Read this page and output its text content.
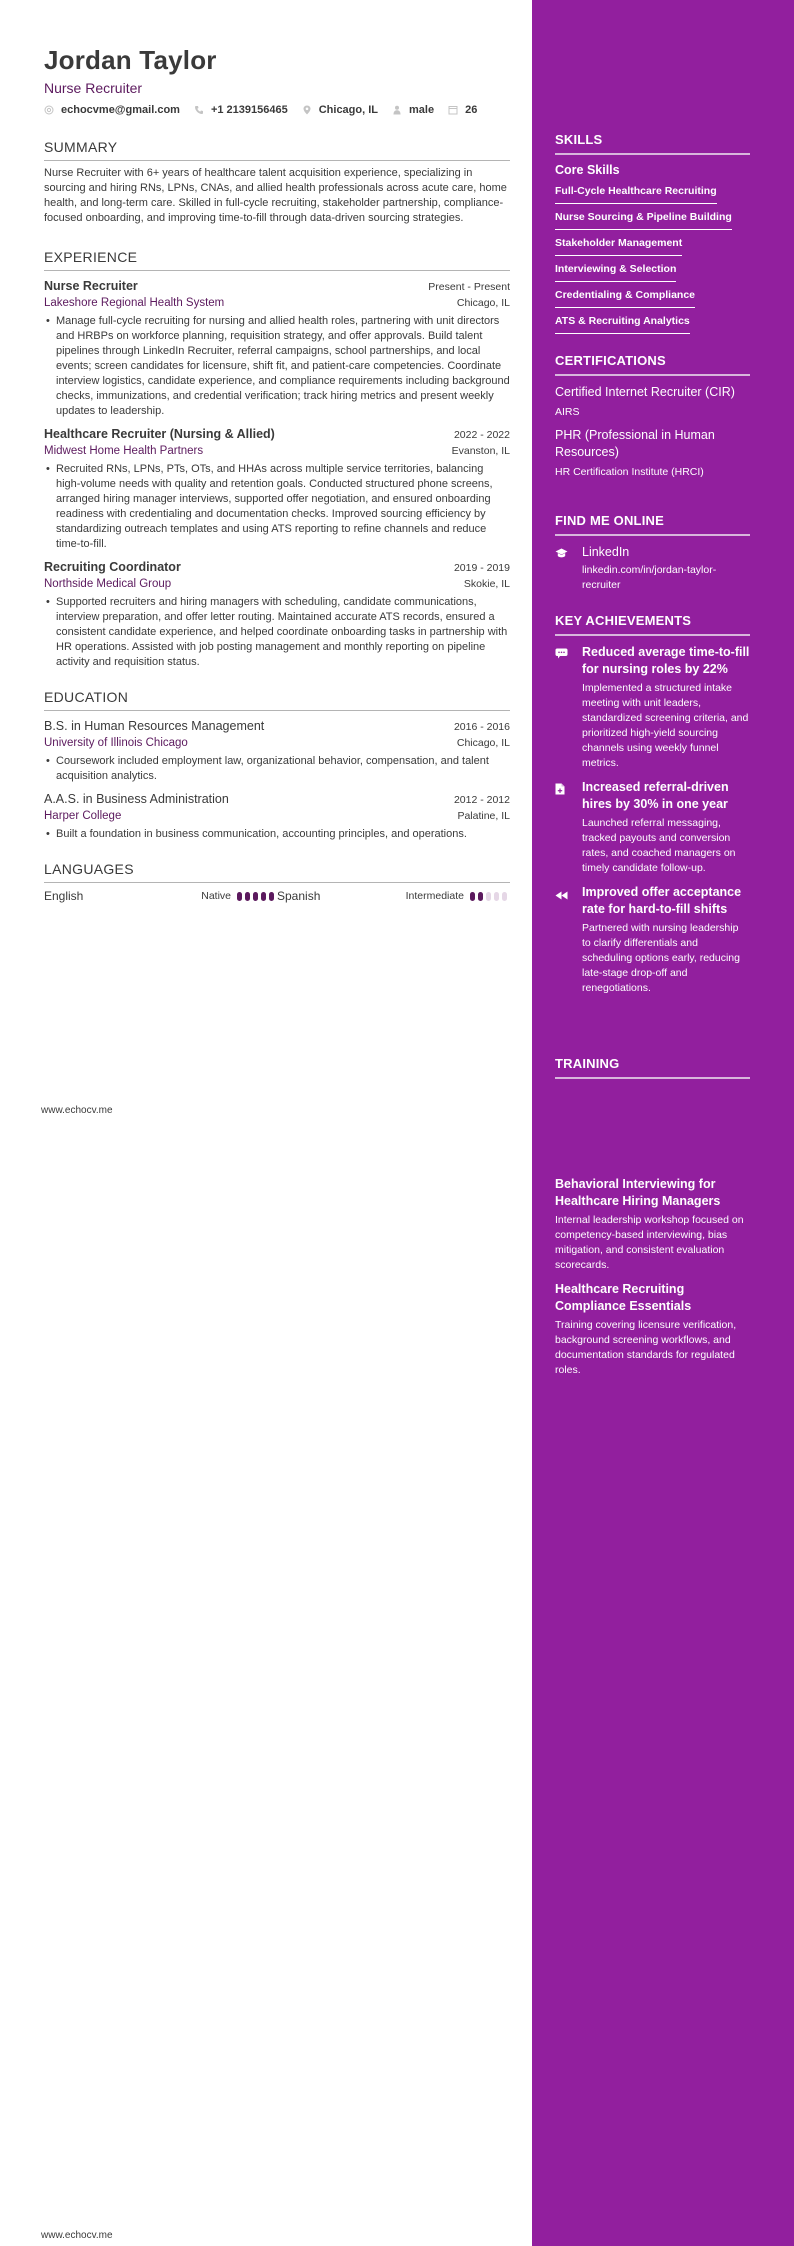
Jordan Taylor
Nurse Recruiter
echocvme@gmail.com	+1 2139156465	Chicago, IL	male	26
SUMMARY
Nurse Recruiter with 6+ years of healthcare talent acquisition experience, specializing in sourcing and hiring RNs, LPNs, CNAs, and allied health professionals across acute care, home health, and long-term care. Skilled in full-cycle recruiting, stakeholder partnership, compliance-focused onboarding, and improving time-to-fill through data-driven sourcing strategies.
EXPERIENCE
Nurse Recruiter	Present - Present
Lakeshore Regional Health System	Chicago, IL
• Manage full-cycle recruiting for nursing and allied health roles, partnering with unit directors and HRBPs on workforce planning, requisition strategy, and offer approvals. Build talent pipelines through LinkedIn Recruiter, referral campaigns, school partnerships, and local events; screen candidates for licensure, shift fit, and patient-care competencies. Coordinate interview logistics, candidate experience, and compliance requirements including background checks, immunizations, and credential verification; track hiring metrics and present weekly updates to leadership.
Healthcare Recruiter (Nursing & Allied)	2022 - 2022
Midwest Home Health Partners	Evanston, IL
• Recruited RNs, LPNs, PTs, OTs, and HHAs across multiple service territories, balancing high-volume needs with quality and retention goals. Conducted structured phone screens, arranged hiring manager interviews, supported offer negotiation, and ensured onboarding readiness with credentialing and documentation checks. Improved sourcing efficiency by standardizing outreach templates and using ATS reporting to refine channels and reduce time-to-fill.
Recruiting Coordinator	2019 - 2019
Northside Medical Group	Skokie, IL
• Supported recruiters and hiring managers with scheduling, candidate communications, interview preparation, and offer letter routing. Maintained accurate ATS records, ensured a consistent candidate experience, and helped coordinate onboarding tasks in partnership with HR operations. Assisted with job posting management and monthly reporting on pipeline activity and requisition status.
EDUCATION
B.S. in Human Resources Management	2016 - 2016
University of Illinois Chicago	Chicago, IL
• Coursework included employment law, organizational behavior, compensation, and talent acquisition analytics.
A.A.S. in Business Administration	2012 - 2012
Harper College	Palatine, IL
• Built a foundation in business communication, accounting principles, and operations.
LANGUAGES
English	Native	Spanish	Intermediate
www.echocv.me
www.echocv.me
SKILLS
Core Skills
Full-Cycle Healthcare Recruiting
Nurse Sourcing & Pipeline Building
Stakeholder Management
Interviewing & Selection
Credentialing & Compliance
ATS & Recruiting Analytics
CERTIFICATIONS
Certified Internet Recruiter (CIR)
AIRS
PHR (Professional in Human Resources)
HR Certification Institute (HRCI)
FIND ME ONLINE
LinkedIn
linkedin.com/in/jordan-taylor-recruiter
KEY ACHIEVEMENTS
Reduced average time-to-fill for nursing roles by 22%
Implemented a structured intake meeting with unit leaders, standardized screening criteria, and prioritized high-yield sourcing channels using weekly funnel metrics.
Increased referral-driven hires by 30% in one year
Launched referral messaging, tracked payouts and conversion rates, and coached managers on timely candidate follow-up.
Improved offer acceptance rate for hard-to-fill shifts
Partnered with nursing leadership to clarify differentials and scheduling options early, reducing late-stage drop-off and renegotiations.
TRAINING
Behavioral Interviewing for Healthcare Hiring Managers
Internal leadership workshop focused on competency-based interviewing, bias mitigation, and consistent evaluation scorecards.
Healthcare Recruiting Compliance Essentials
Training covering licensure verification, background screening workflows, and documentation standards for regulated roles.
